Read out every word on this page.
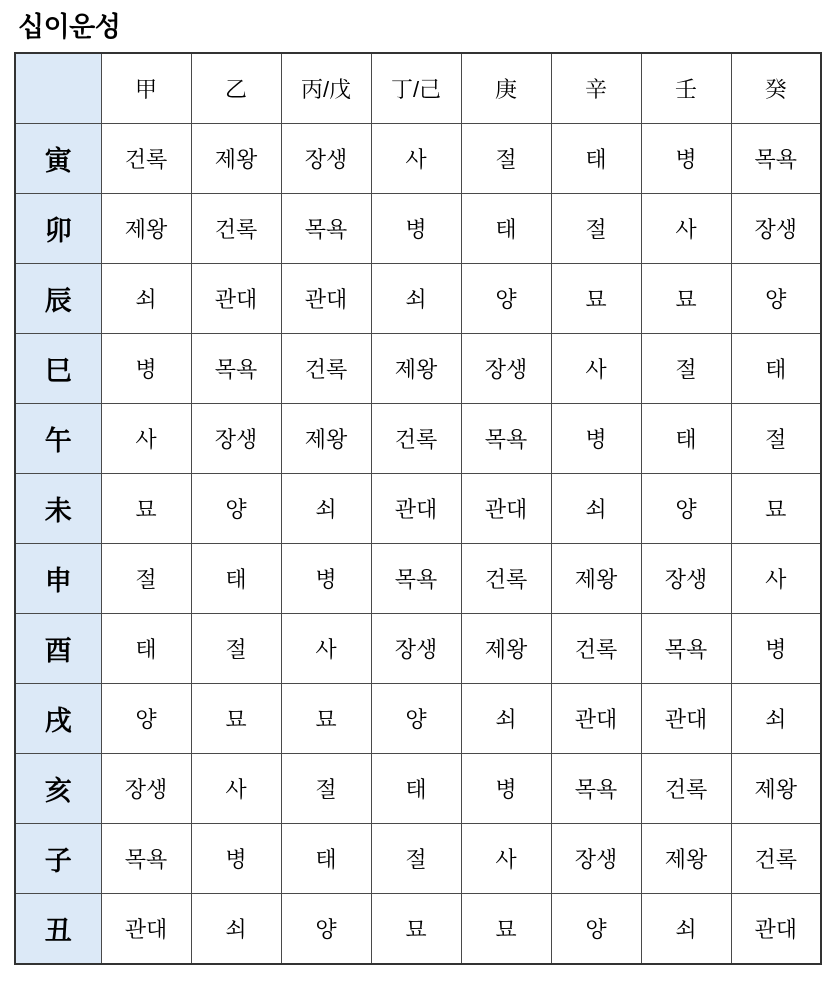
십이운성
	甲	乙	丙/戊	丁/己	庚	辛	壬	癸
寅	건록	제왕	장생	사	절	태	병	목욕
卯	제왕	건록	목욕	병	태	절	사	장생
辰	쇠	관대	관대	쇠	양	묘	묘	양
巳	병	목욕	건록	제왕	장생	사	절	태
午	사	장생	제왕	건록	목욕	병	태	절
未	묘	양	쇠	관대	관대	쇠	양	묘
申	절	태	병	목욕	건록	제왕	장생	사
酉	태	절	사	장생	제왕	건록	목욕	병
戌	양	묘	묘	양	쇠	관대	관대	쇠
亥	장생	사	절	태	병	목욕	건록	제왕
子	목욕	병	태	절	사	장생	제왕	건록
丑	관대	쇠	양	묘	묘	양	쇠	관대
